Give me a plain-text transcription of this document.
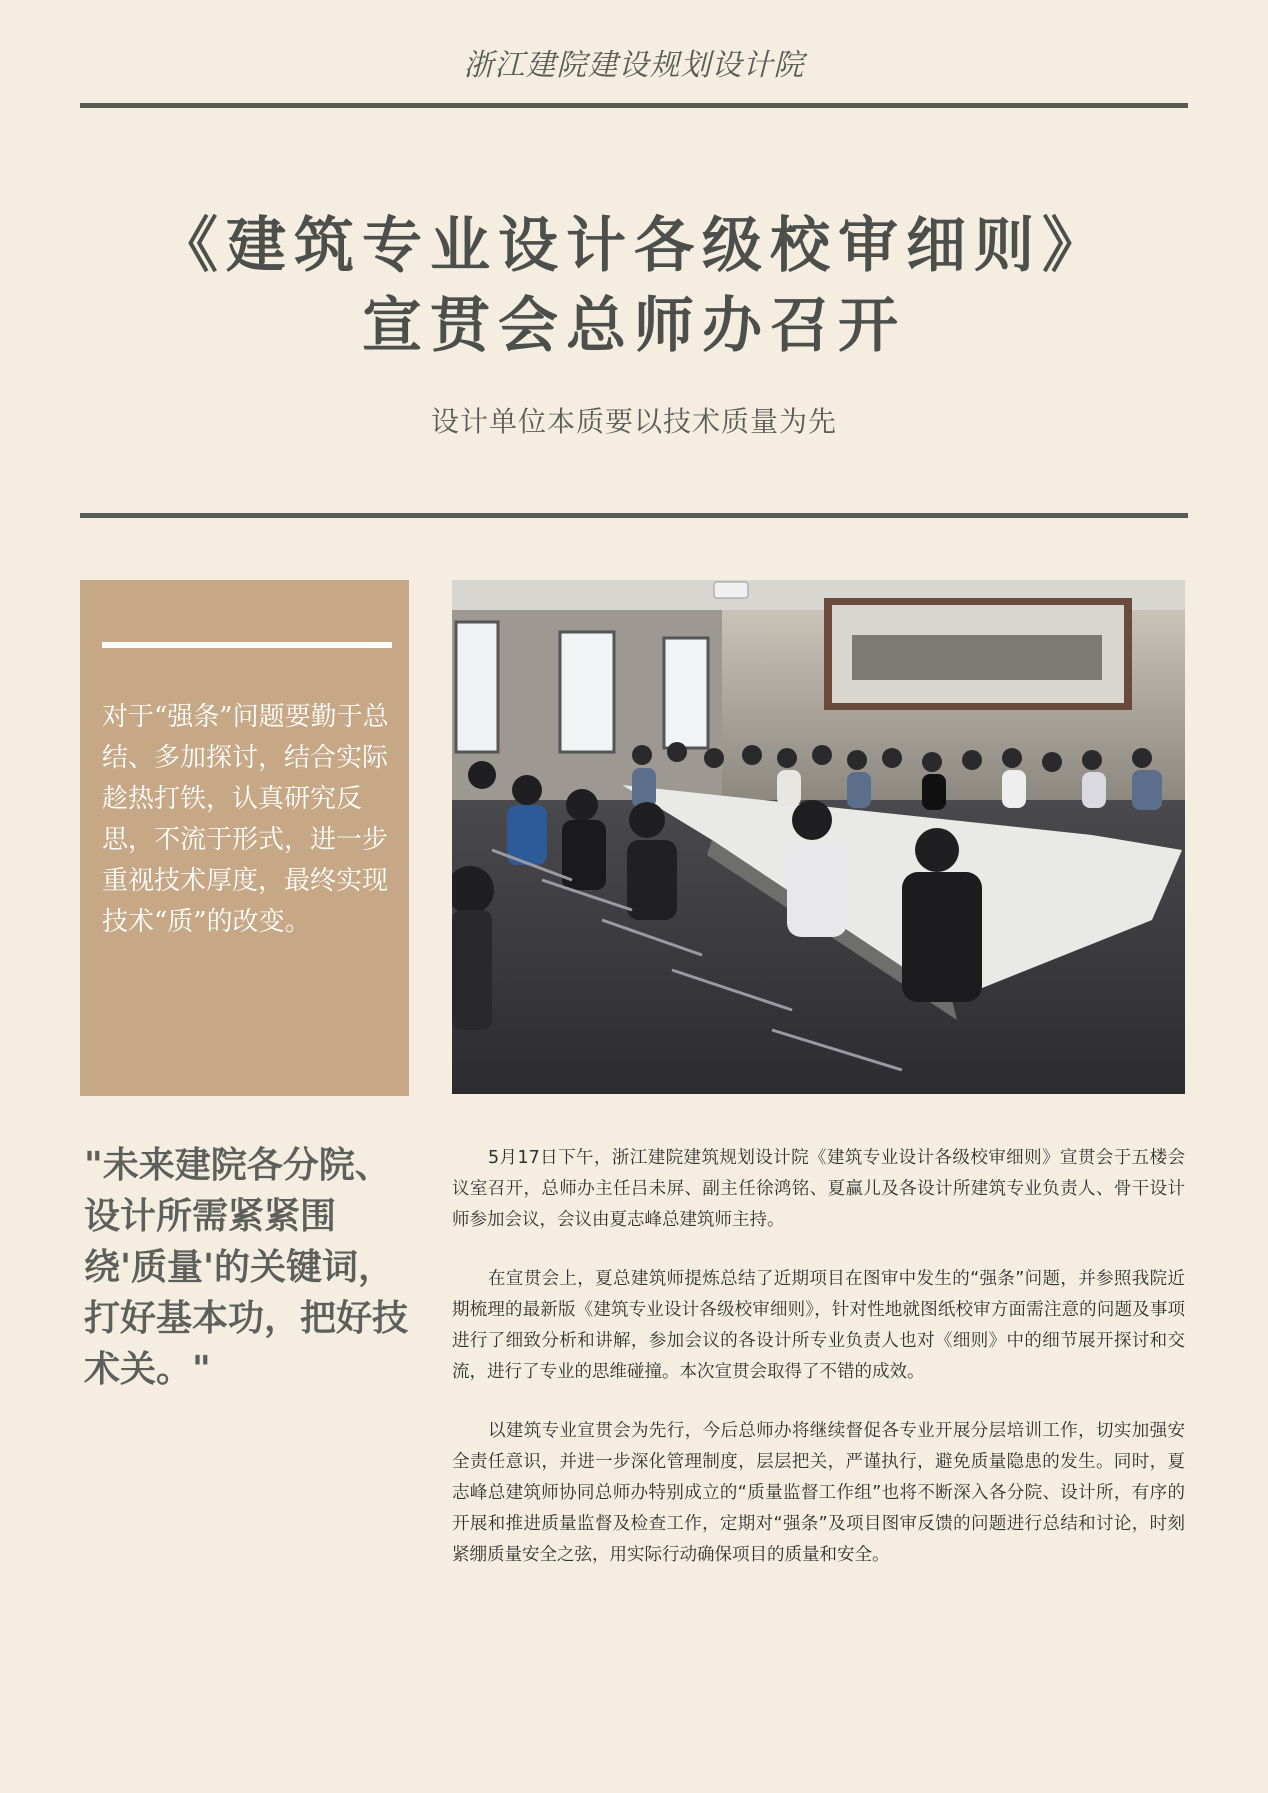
浙江建院建设规划设计院
《建筑专业设计各级校审细则》
宣贯会总师办召开
设计单位本质要以技术质量为先
对于“强条”问题要勤于总结、多加探讨，结合实际趁热打铁，认真研究反思，不流于形式，进一步重视技术厚度，最终实现技术“质”的改变。
"未来建院各分院、设计所需紧紧围绕'质量'的关键词，打好基本功，把好技术关。"

5月17日下午，浙江建院建筑规划设计院《建筑专业设计各级校审细则》宣贯会于五楼会议室召开，总师办主任吕未屏、副主任徐鸿铭、夏赢儿及各设计所建筑专业负责人、骨干设计师参加会议，会议由夏志峰总建筑师主持。

在宣贯会上，夏总建筑师提炼总结了近期项目在图审中发生的“强条”问题，并参照我院近期梳理的最新版《建筑专业设计各级校审细则》，针对性地就图纸校审方面需注意的问题及事项进行了细致分析和讲解，参加会议的各设计所专业负责人也对《细则》中的细节展开探讨和交流，进行了专业的思维碰撞。本次宣贯会取得了不错的成效。

以建筑专业宣贯会为先行，今后总师办将继续督促各专业开展分层培训工作，切实加强安全责任意识，并进一步深化管理制度，层层把关，严谨执行，避免质量隐患的发生。同时，夏志峰总建筑师协同总师办特别成立的“质量监督工作组”也将不断深入各分院、设计所，有序的开展和推进质量监督及检查工作，定期对“强条”及项目图审反馈的问题进行总结和讨论，时刻紧绷质量安全之弦，用实际行动确保项目的质量和安全。
